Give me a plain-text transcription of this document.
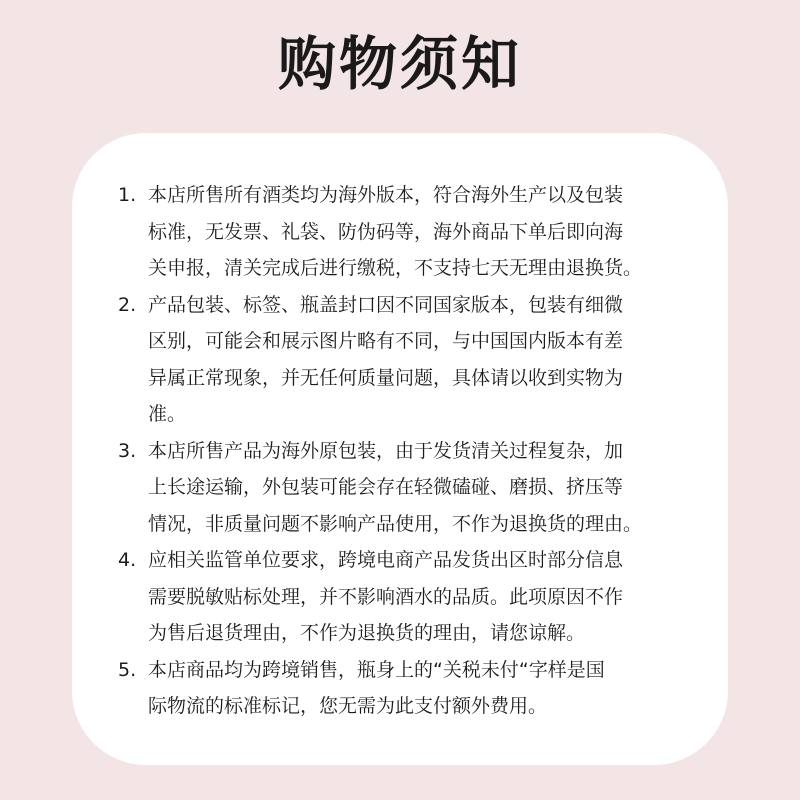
购物须知
1. 本店所售所有酒类均为海外版本，符合海外生产以及包装
标准，无发票、礼袋、防伪码等，海外商品下单后即向海
关申报，清关完成后进行缴税，不支持七天无理由退换货。
2. 产品包装、标签、瓶盖封口因不同国家版本，包装有细微
区别，可能会和展示图片略有不同，与中国国内版本有差
异属正常现象，并无任何质量问题，具体请以收到实物为
准。
3. 本店所售产品为海外原包装，由于发货清关过程复杂，加
上长途运输，外包装可能会存在轻微磕碰、磨损、挤压等
情况，非质量问题不影响产品使用，不作为退换货的理由。
4. 应相关监管单位要求，跨境电商产品发货出区时部分信息
需要脱敏贴标处理，并不影响酒水的品质。此项原因不作
为售后退货理由，不作为退换货的理由，请您谅解。
5. 本店商品均为跨境销售，瓶身上的“关税未付“字样是国
际物流的标准标记，您无需为此支付额外费用。
